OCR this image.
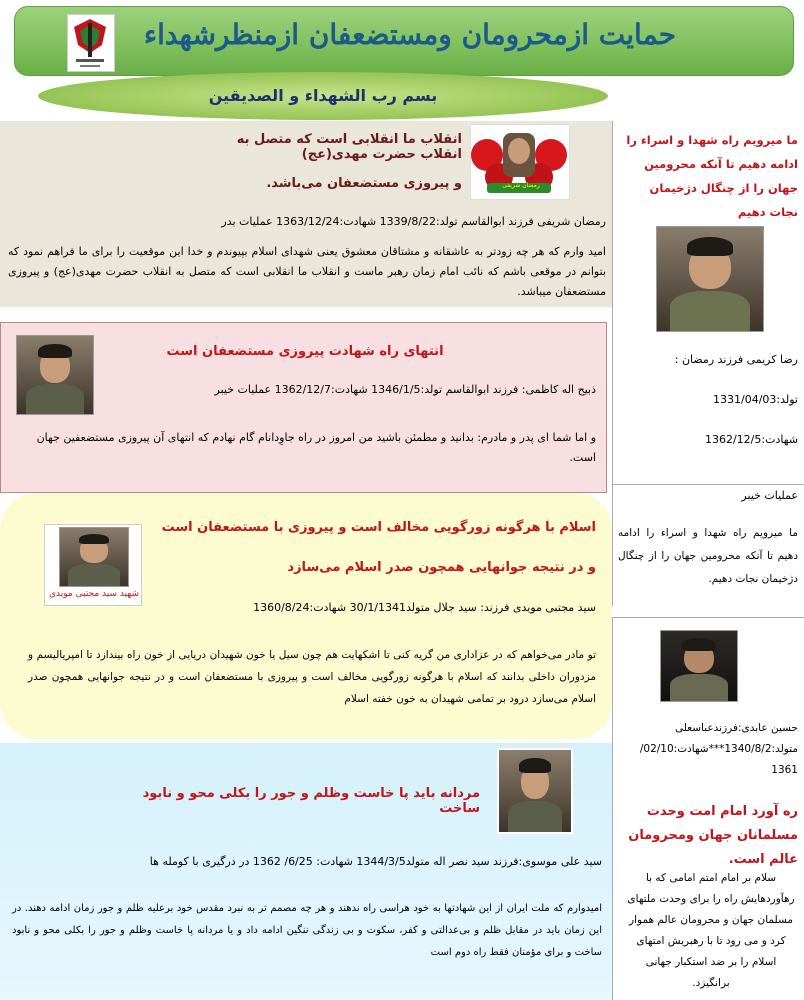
حمایت ازمحرومان ومستضعفان ازمنظرشهداء
بسم رب الشهداء و الصدیقین
رمضان شریفی
انقلاب ما انقلابی است که متصل به انقلاب حضرت مهدی(عج)
و پیروزی مستضعفان می‌باشد.
رمضان شریفی فرزند ابوالقاسم تولد:1339/8/22 شهادت:1363/12/24 عملیات بدر
امید وارم که هر چه زودتر به عاشقانه و مشتاقان معشوق یعنی شهدای اسلام بپیوندم و خدا این موقعیت را برای ما فراهم نمود که بتوانم در موقعی باشم که نائب امام زمان رهبر ماست و انقلاب ما انقلابی است که متصل به انقلاب حضرت مهدی(عج) و پیروزی مستضعفان میباشد.
انتهای راه شهادت پیروزی مستضعفان است
ذبیح اله کاظمی: فرزند ابوالقاسم تولد:1346/1/5 شهادت:1362/12/7 عملیات خیبر
و اما شما ای پدر و مادرم: بدانید و مطمئن باشید من امروز در راه جاوِدانام گام نهادم که انتهای آن پیروزی مستضعفین جهان است.
شهید سید مجتبی مویدی
اسلام با هرگونه زورگویی مخالف است و پیروزی با مستضعفان است
و در نتیجه جوانهایی همچون صدر اسلام می‌سازد
سید مجتبی مویدی فرزند: سید جلال متولد30/1/1341 شهادت:1360/8/24
تو مادر می‌خواهم که در عزاداری من گریه کنی تا اشکهایت هم چون سیل یا خون شهیدان دریایی از خون راه بیندازد تا امپریالیسم و مزدوران داخلی بدانند که اسلام با هرگونه زورگویی مخالف است و پیروزی با مستضعفان است و در نتیجه جوانهایی همچون صدر اسلام می‌سازد درود بر تمامی شهیدان به خون خفته اسلام
مردانه باید پا خاست وظلم و جور را بکلی محو و نابود ساخت
سید علی موسوی:فرزند سید نصر اله متولد1344/3/5 شهادت: 6/25/ 1362 در درگیری با کومله ها
امیدوارم که ملت ایران از این شهادتها به خود هراسی راه ندهند و هر چه مصمم تر به نبرد مقدس خود برعلیه ظلم و جور زمان ادامه دهند. در این زمان باید در مقابل ظلم و بی‌عدالتی و کفر، سکوت و بی زندگی ننگین ادامه داد و یا مردانه پا خاست وظلم و جور را بکلی محو و نابود ساخت و برای مؤمنان فقط راه دوم است
ما میرویم راه شهدا و اسراء را ادامه دهیم تا آنکه محرومین جهان را از چنگال دژخیمان نجات دهیم
رضا کریمی فرزند رمضان :
تولد:1331/04/03
شهادت:1362/12/5
عملیات خیبر
ما میرویم راه شهدا و اسراء را ادامه دهیم تا آنکه محرومین جهان را از چنگال دژخیمان نجات دهیم.
حسین عابدی:فرزندعباسعلی متولد:1340/8/2***شهادت:02/10/ 1361
ره آورد امام امت وحدت مسلمانان جهان ومحرومان عالم است.
سلام بر امام امتم امامی که با رهآوردهایش راه را برای وحدت ملتهای مسلمان جهان و محرومان عالم هموار کرد و می رود تا با رهبریش امتهای اسلام را بر ضد استکبار جهانی برانگیزد.
